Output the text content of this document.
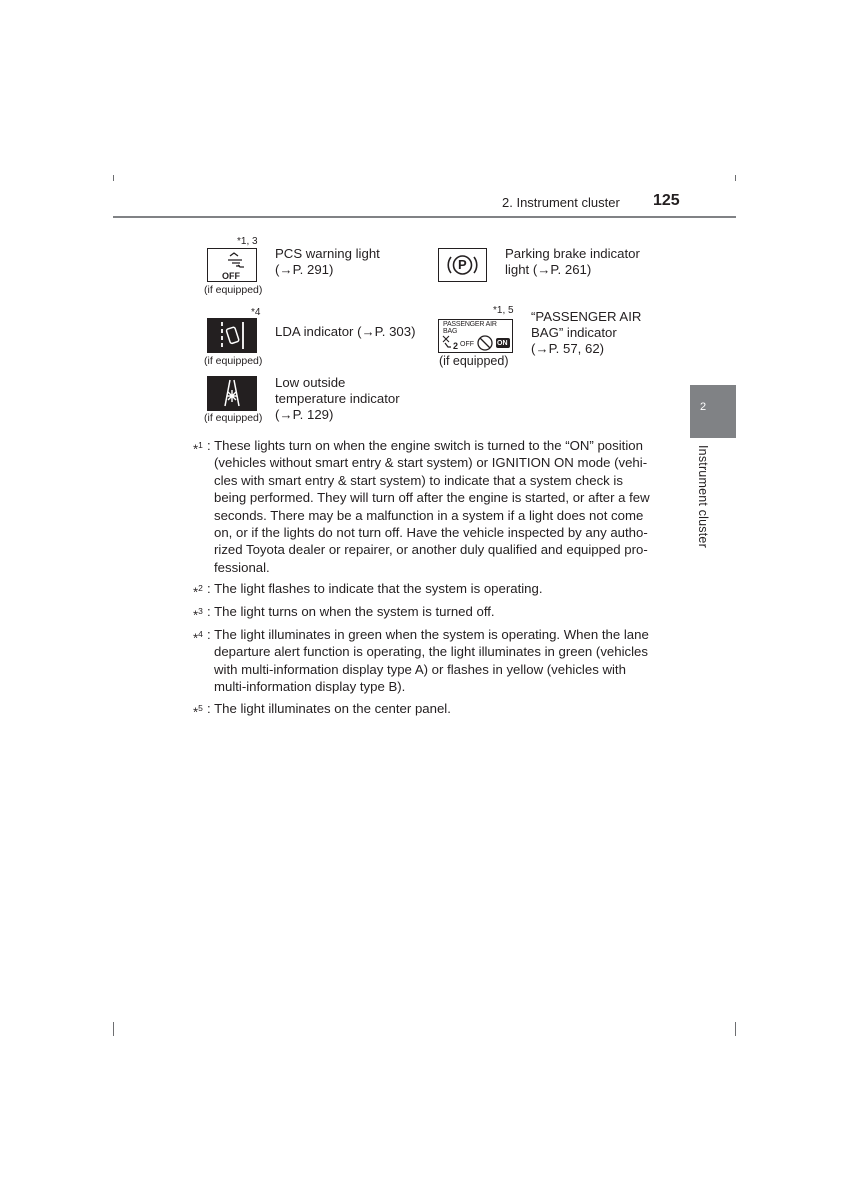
2. Instrument cluster 125
2
Instrument cluster
*1, 3
OFF
(if equipped)
PCS warning light
(→P. 291)	P
Parking brake indicator
light (→P. 261)
*4
(if equipped)
LDA indicator (→P. 303)
*1, 5
PASSENGER AIR BAG
2 OFF	ON
(if equipped)
“PASSENGER AIR
BAG” indicator
(→P. 57, 62)
(if equipped)
Low outside
temperature indicator
(→P. 129)
*$^1$ : These lights turn on when the engine switch is turned to the “ON” position
(vehicles without smart entry & start system) or IGNITION ON mode (vehi-
cles with smart entry & start system) to indicate that a system check is
being performed. They will turn off after the engine is started, or after a few
seconds. There may be a malfunction in a system if a light does not come
on, or if the lights do not turn off. Have the vehicle inspected by any autho-
rized Toyota dealer or repairer, or another duly qualified and equipped pro-
fessional.
*$^2$ : The light flashes to indicate that the system is operating.
*$^3$ : The light turns on when the system is turned off.
*$^4$ : The light illuminates in green when the system is operating. When the lane
departure alert function is operating, the light illuminates in green (vehicles
with multi-information display type A) or flashes in yellow (vehicles with
multi-information display type B).
*$^5$ : The light illuminates on the center panel.
